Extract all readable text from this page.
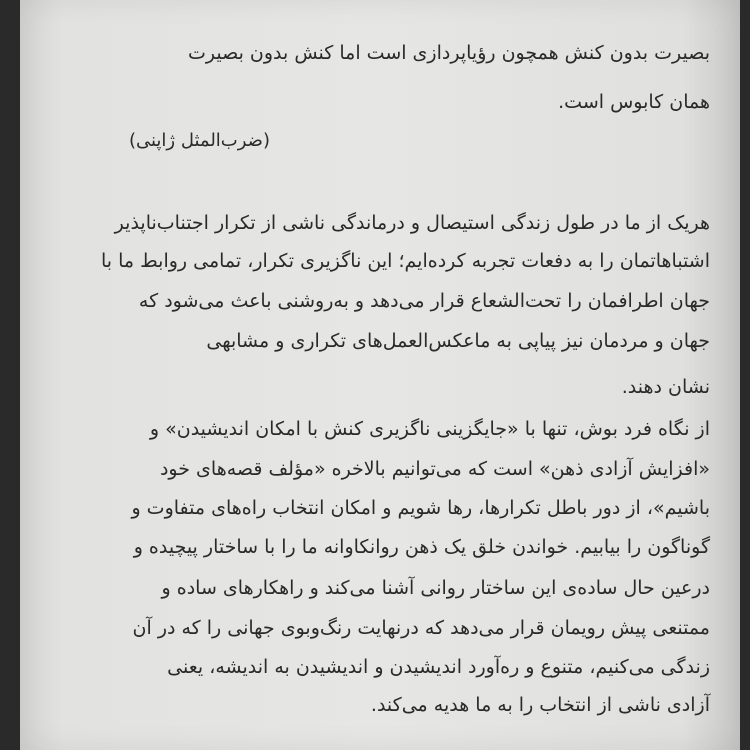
بصیرت بدون کنش همچون رؤیاپردازی است اما کنش بدون بصیرت
همان کابوس است.
(ضرب‌المثل ژاپنی)
هریک از ما در طول زندگی استیصال و درماندگی ناشی از تکرار اجتناب‌ناپذیر
اشتباهاتمان را به دفعات تجربه کرده‌ایم؛ این ناگزیری تکرار، تمامی روابط ما با
جهان اطرافمان را تحت‌الشعاع قرار می‌دهد و به‌روشنی باعث می‌شود که
جهان و مردمان نیز پیاپی به ماعکس‌العمل‌های تکراری و مشابهی
نشان دهند.
از نگاه فرد بوش، تنها با «جایگزینی ناگزیری کنش با امکان اندیشیدن» و
«افزایش آزادی ذهن» است که می‌توانیم بالاخره «مؤلف قصه‌های خود
باشیم»، از دور باطل تکرارها، رها شویم و امکان انتخاب راه‌های متفاوت و
گوناگون را بیابیم. خواندن خلق یک ذهن روانکاوانه ما را با ساختار پیچیده و
درعین حال ساده‌ی این ساختار روانی آشنا می‌کند و راهکارهای ساده و
ممتنعی پیش رویمان قرار می‌دهد که درنهایت رنگ‌وبوی جهانی را که در آن
زندگی می‌کنیم، متنوع و ره‌آورد اندیشیدن و اندیشیدن به اندیشه، یعنی
آزادی ناشی از انتخاب را به ما هدیه می‌کند.
